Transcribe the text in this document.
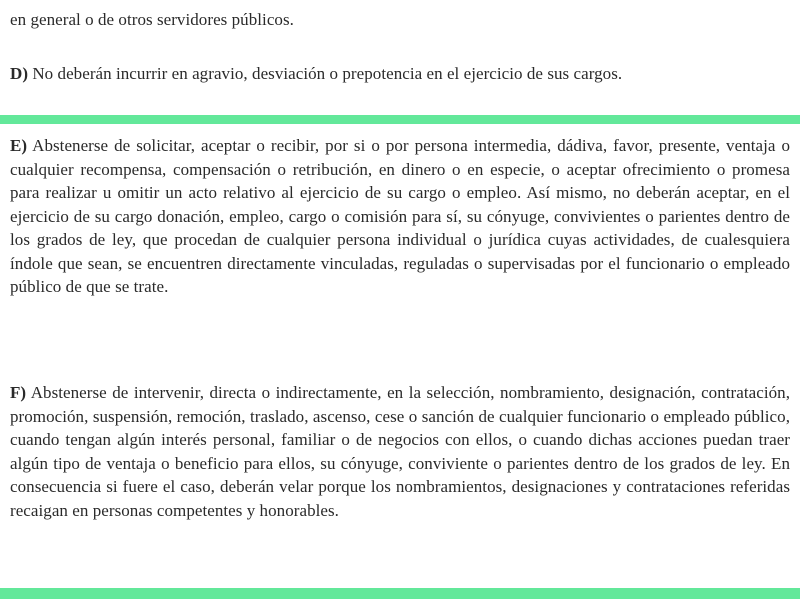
en general o de otros servidores públicos.

D) No deberán incurrir en agravio, desviación o prepotencia en el ejercicio de sus cargos.

E) Abstenerse de solicitar, aceptar o recibir, por si o por persona intermedia, dádiva, favor, presente, ventaja o cualquier recompensa, compensación o retribución, en dinero o en especie, o aceptar ofrecimiento o promesa para realizar u omitir un acto relativo al ejercicio de su cargo o empleo. Así mismo, no deberán aceptar, en el ejercicio de su cargo donación, empleo, cargo o comisión para sí, su cónyuge, convivientes o parientes dentro de los grados de ley, que procedan de cualquier persona individual o jurídica cuyas actividades, de cualesquiera índole que sean, se encuentren directamente vinculadas, reguladas o supervisadas por el funcionario o empleado público de que se trate.

F) Abstenerse de intervenir, directa o indirectamente, en la selección, nombramiento, designación, contratación, promoción, suspensión, remoción, traslado, ascenso, cese o sanción de cualquier funcionario o empleado público, cuando tengan algún interés personal, familiar o de negocios con ellos, o cuando dichas acciones puedan traer algún tipo de ventaja o beneficio para ellos, su cónyuge, conviviente o parientes dentro de los grados de ley. En consecuencia si fuere el caso, deberán velar porque los nombramientos, designaciones y contrataciones referidas recaigan en personas competentes y honorables.
